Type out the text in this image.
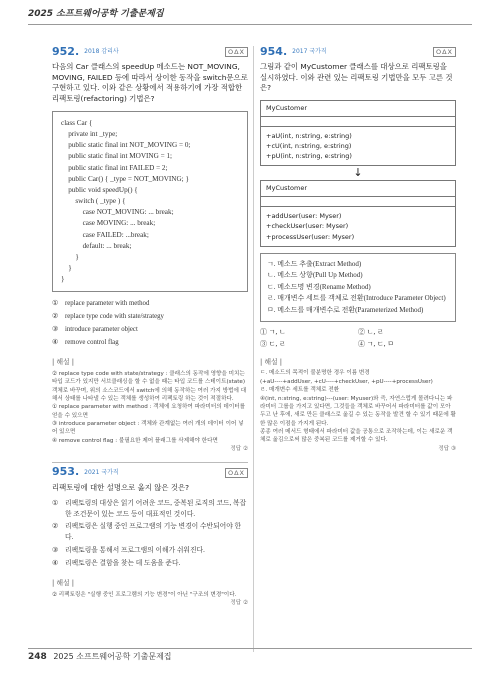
2025 소프트웨어공학 기출문제집
952. 2018 감리사	OΔX
다음의 Car 클래스의 speedUp 메소드는 NOT_MOVING, MOVING, FAILED 등에 따라서 상이한 동작을 switch문으로 구현하고 있다. 이와 같은 상황에서 적용하기에 가장 적합한 리팩토링(refactoring) 기법은?
class Car {
private int _type;
public static final int NOT_MOVING = 0;
public static final int MOVING = 1;
public static final int FAILED = 2;
public Car() { _type = NOT_MOVING; }
public void speedUp() {
switch ( _type ) {
case NOT_MOVING: ... break;
case MOVING: ... break;
case FAILED: ...break;
default: ... break;
}
}
}
①	replace parameter with method
②	replace type code with state/strategy
③	introduce parameter object
④	remove control flag
| 해설 |

② replace type code with state/strategy : 클래스의 동작에 영향을 미치는 타입 코드가 있지만 서브클래싱을 할 수 없을 때는 타입 코드를 스테이트(state) 객체로 바꾸며, 위의 소스코드에서 switch에 의해 동작하는 여러 가지 방법에 대해서 상태를 나타낼 수 있는 객체를 생성하여 리팩토링 하는 것이 적절하다.

① replace parameter with method : 객체에 요청하여 파라미터의 데이터를 얻을 수 있으면

③ introduce parameter object : 객체와 관계없는 여러 개의 데이터 이어 넣어 있으면

④ remove control flag : 불필요한 제어 플래그를 삭제해야 한다면

정답 ②
953. 2021 국가직	OΔX
리팩토링에 대한 설명으로 옳지 않은 것은?
①	리팩토링의 대상은 읽기 어려운 코드, 중복된 로직의 코드, 복잡한 조건문이 있는 코드 등이 대표적인 것이다.
②	리팩토링은 실행 중인 프로그램의 기능 변경이 수반되어야 한다.
③	리팩토링을 통해서 프로그램의 이해가 쉬워진다.
④	리팩토링은 결함을 찾는 데 도움을 준다.
| 해설 |

② 리팩토링은 "실행 중인 프로그램의 기능 변경"이 아닌 "구조의 변경"이다.

정답 ②
954. 2017 국가직	OΔX
그림과 같이 MyCustomer 클래스를 대상으로 리팩토링을 실시하였다. 이와 관련 있는 리팩토링 기법만을 모두 고른 것은?
MyCustomer
+aU(int, n:string, e:string)
+cU(int, n:string, e:string)
+pU(int, n:string, e:string)
↓
MyCustomer
+addUser(user: Myser)
+checkUser(user: Myser)
+processUser(user: Myser)
ㄱ. 메소드 추출(Extract Method)
ㄴ. 메소드 상향(Pull Up Method)
ㄷ. 메소드명 변경(Rename Method)
ㄹ. 매개변수 세트를 객체로 전환(Introduce Parameter Object)
ㅁ. 메소드를 매개변수로 전환(Parameterized Method)
① ㄱ, ㄴ	② ㄴ, ㄹ
③ ㄷ, ㄹ	④ ㄱ, ㄷ, ㅁ
| 해설 |

ㄷ. 메소드의 목적이 불분명한 경우 이름 변경

(+aU----+addUser, +cU----+checkUser, +pU----+processUser)

ㄹ. 매개변수 세트를 객체로 전환

④(int, n:string, e:string)---(user: Myuser)와 즉, 자연스럽게 몰려다니는 파라미터 그룹을 가지고 있다면, 그것들을 객체로 바꾸어서 파라미터를 값이 모아두고 난 후에, 새로 만든 클래스로 옮길 수 있는 동작을 발견 할 수 있기 때문에 활한 많은 이점을 가지게 된다.

종종 여러 메서드 형태에서 파라미터 값을 공통으로 조작하는데, 이는 새로운 객체로 옮김으로써 많은 중복된 코드를 제거할 수 있다.

정답 ③
248 2025 소프트웨어공학 기출문제집
